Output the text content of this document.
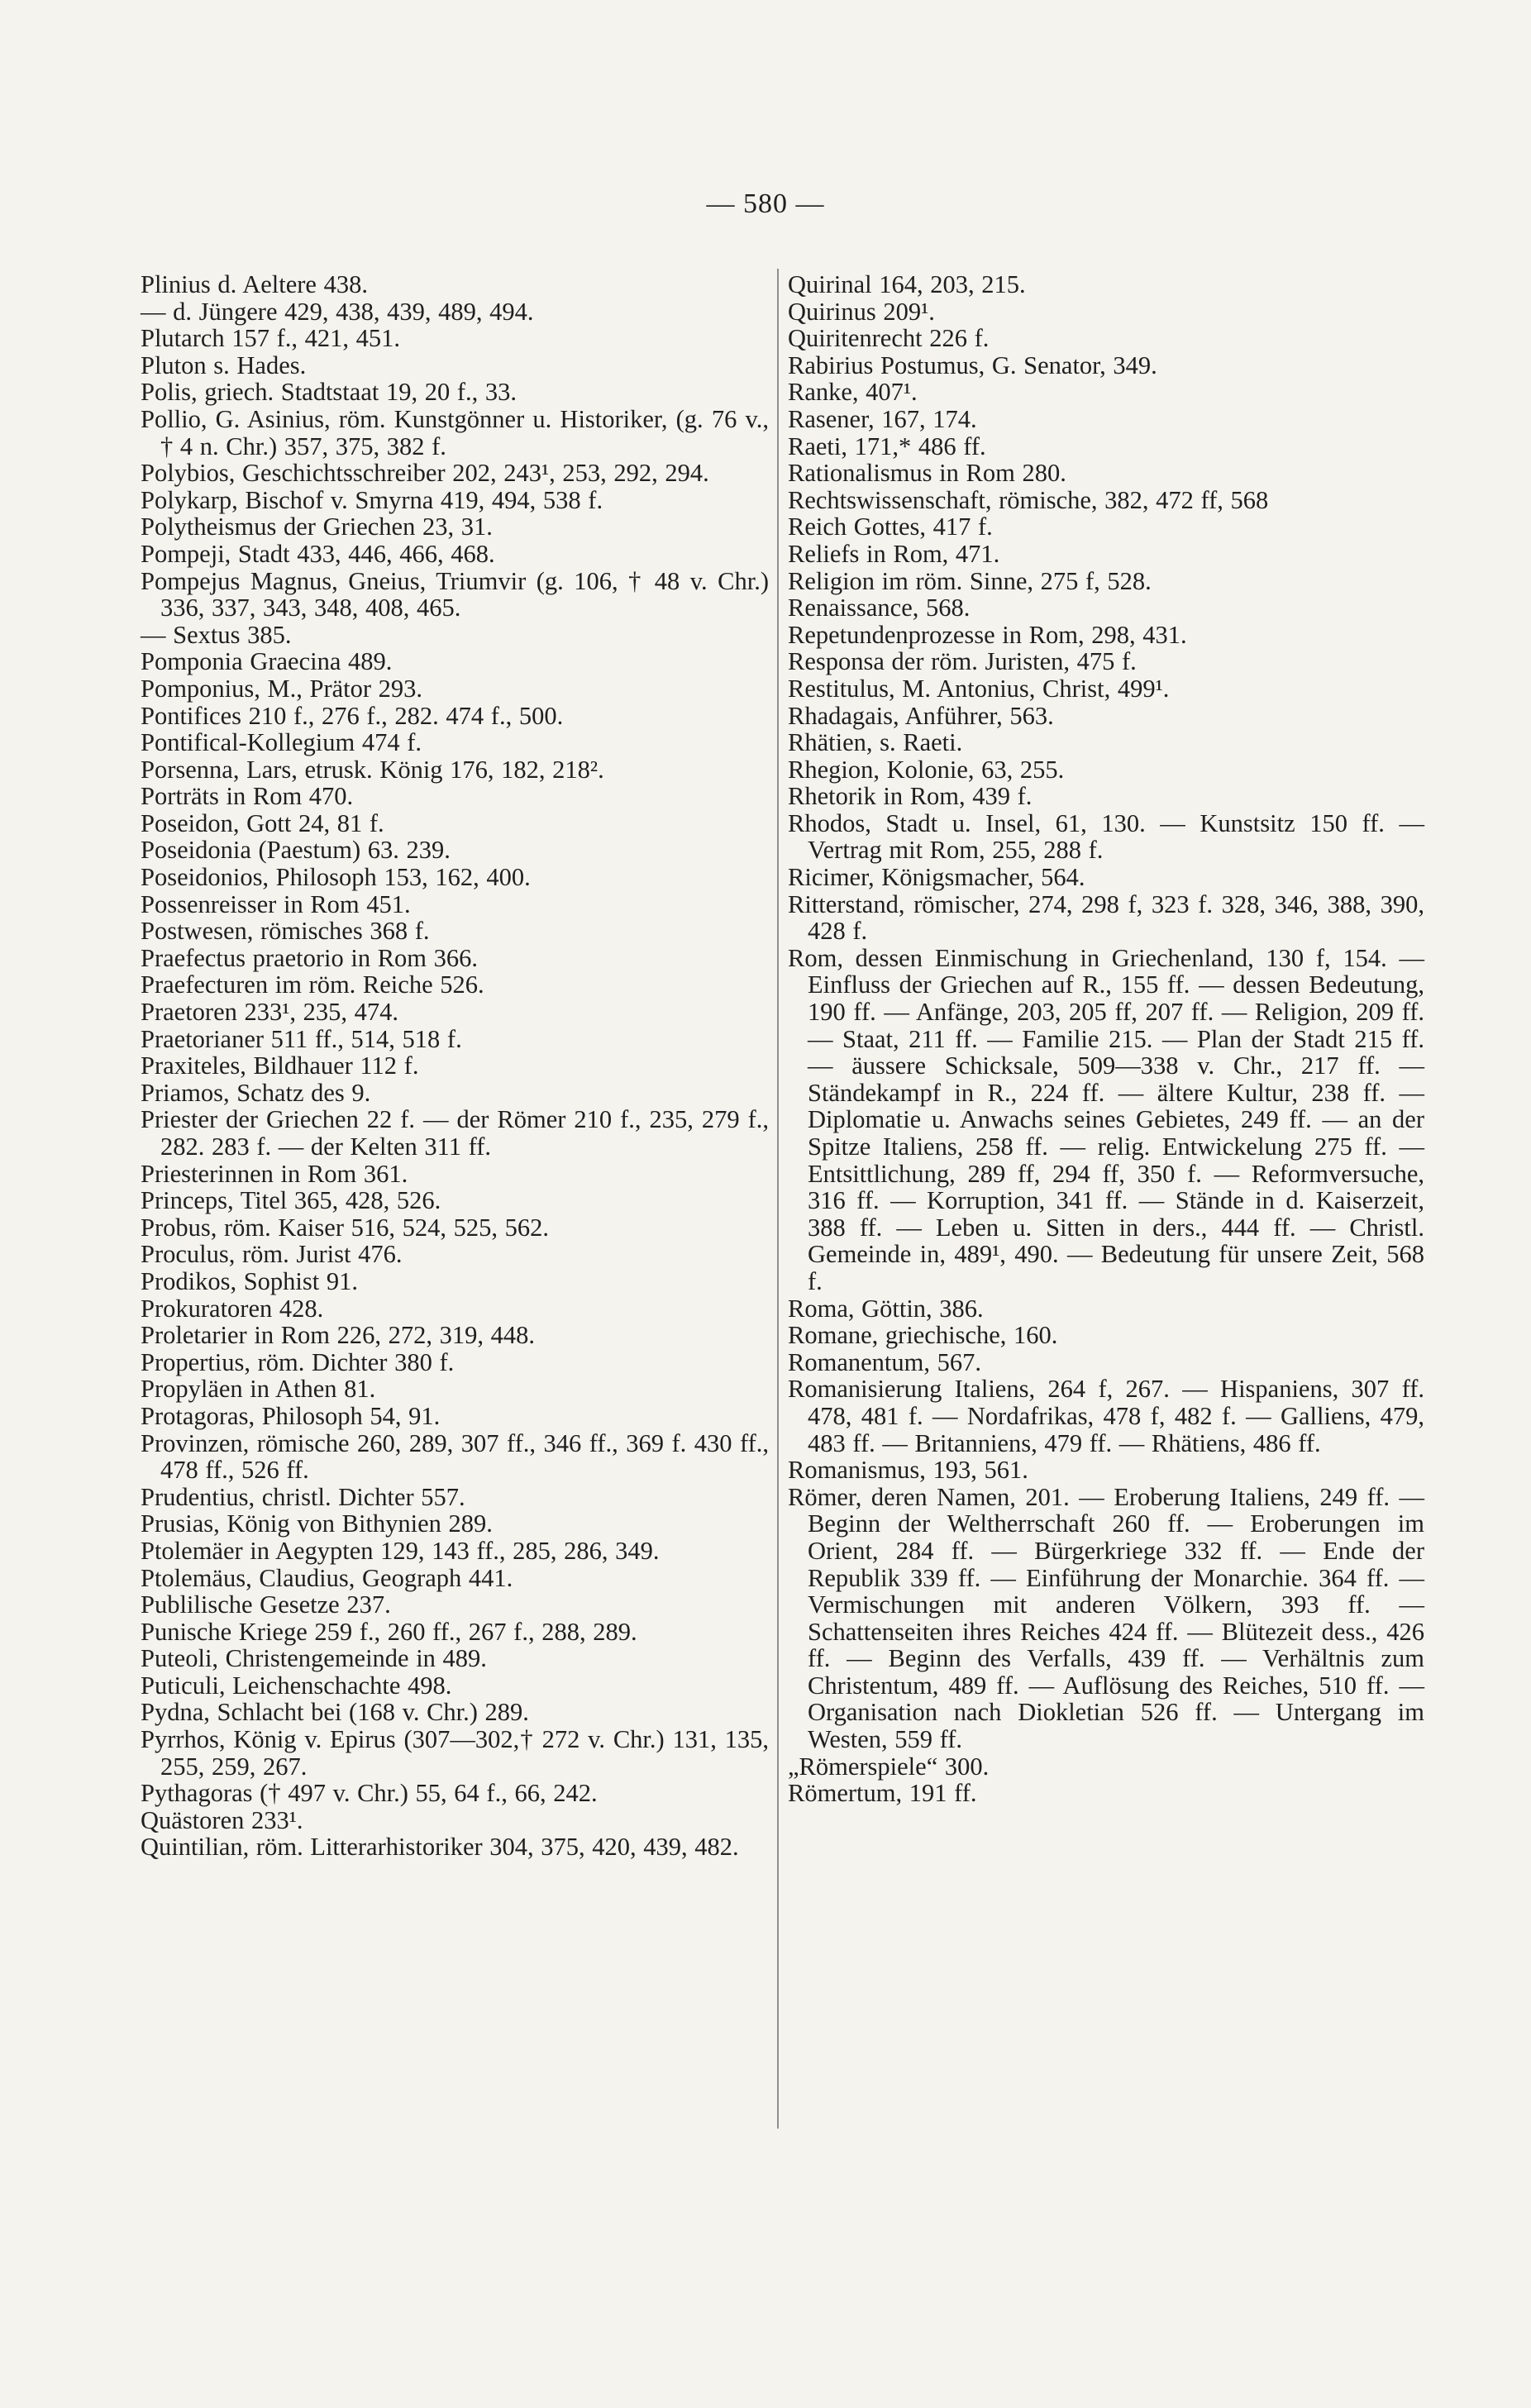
— 580 —
Plinius d. Aeltere 438.
— d. Jüngere 429, 438, 439, 489, 494.
Plutarch 157 f., 421, 451.
Pluton s. Hades.
Polis, griech. Stadtstaat 19, 20 f., 33.
Pollio, G. Asinius, röm. Kunstgönner u. Historiker, (g. 76 v., † 4 n. Chr.) 357, 375, 382 f.
Polybios, Geschichtsschreiber 202, 243¹, 253, 292, 294.
Polykarp, Bischof v. Smyrna 419, 494, 538 f.
Polytheismus der Griechen 23, 31.
Pompeji, Stadt 433, 446, 466, 468.
Pompejus Magnus, Gneius, Triumvir (g. 106, † 48 v. Chr.) 336, 337, 343, 348, 408, 465.
— Sextus 385.
Pomponia Graecina 489.
Pomponius, M., Prätor 293.
Pontifices 210 f., 276 f., 282. 474 f., 500.
Pontifical-Kollegium 474 f.
Porsenna, Lars, etrusk. König 176, 182, 218².
Porträts in Rom 470.
Poseidon, Gott 24, 81 f.
Poseidonia (Paestum) 63. 239.
Poseidonios, Philosoph 153, 162, 400.
Possenreisser in Rom 451.
Postwesen, römisches 368 f.
Praefectus praetorio in Rom 366.
Praefecturen im röm. Reiche 526.
Praetoren 233¹, 235, 474.
Praetorianer 511 ff., 514, 518 f.
Praxiteles, Bildhauer 112 f.
Priamos, Schatz des 9.
Priester der Griechen 22 f. — der Römer 210 f., 235, 279 f., 282. 283 f. — der Kelten 311 ff.
Priesterinnen in Rom 361.
Princeps, Titel 365, 428, 526.
Probus, röm. Kaiser 516, 524, 525, 562.
Proculus, röm. Jurist 476.
Prodikos, Sophist 91.
Prokuratoren 428.
Proletarier in Rom 226, 272, 319, 448.
Propertius, röm. Dichter 380 f.
Propyläen in Athen 81.
Protagoras, Philosoph 54, 91.
Provinzen, römische 260, 289, 307 ff., 346 ff., 369 f. 430 ff., 478 ff., 526 ff.
Prudentius, christl. Dichter 557.
Prusias, König von Bithynien 289.
Ptolemäer in Aegypten 129, 143 ff., 285, 286, 349.
Ptolemäus, Claudius, Geograph 441.
Publilische Gesetze 237.
Punische Kriege 259 f., 260 ff., 267 f., 288, 289.
Puteoli, Christengemeinde in 489.
Puticuli, Leichenschachte 498.
Pydna, Schlacht bei (168 v. Chr.) 289.
Pyrrhos, König v. Epirus (307—302,† 272 v. Chr.) 131, 135, 255, 259, 267.
Pythagoras († 497 v. Chr.) 55, 64 f., 66, 242.
Quästoren 233¹.
Quintilian, röm. Litterarhistoriker 304, 375, 420, 439, 482.
Quirinal 164, 203, 215.
Quirinus 209¹.
Quiritenrecht 226 f.
Rabirius Postumus, G. Senator, 349.
Ranke, 407¹.
Rasener, 167, 174.
Raeti, 171,* 486 ff.
Rationalismus in Rom 280.
Rechtswissenschaft, römische, 382, 472 ff, 568
Reich Gottes, 417 f.
Reliefs in Rom, 471.
Religion im röm. Sinne, 275 f, 528.
Renaissance, 568.
Repetundenprozesse in Rom, 298, 431.
Responsa der röm. Juristen, 475 f.
Restitulus, M. Antonius, Christ, 499¹.
Rhadagais, Anführer, 563.
Rhätien, s. Raeti.
Rhegion, Kolonie, 63, 255.
Rhetorik in Rom, 439 f.
Rhodos, Stadt u. Insel, 61, 130. — Kunstsitz 150 ff. — Vertrag mit Rom, 255, 288 f.
Ricimer, Königsmacher, 564.
Ritterstand, römischer, 274, 298 f, 323 f. 328, 346, 388, 390, 428 f.
Rom, dessen Einmischung in Griechenland, 130 f, 154. — Einfluss der Griechen auf R., 155 ff. — dessen Bedeutung, 190 ff. — Anfänge, 203, 205 ff, 207 ff. — Religion, 209 ff. — Staat, 211 ff. — Familie 215. — Plan der Stadt 215 ff. — äussere Schicksale, 509—338 v. Chr., 217 ff. — Ständekampf in R., 224 ff. — ältere Kultur, 238 ff. — Diplomatie u. Anwachs seines Gebietes, 249 ff. — an der Spitze Italiens, 258 ff. — relig. Entwickelung 275 ff. — Entsittlichung, 289 ff, 294 ff, 350 f. — Reformversuche, 316 ff. — Korruption, 341 ff. — Stände in d. Kaiserzeit, 388 ff. — Leben u. Sitten in ders., 444 ff. — Christl. Gemeinde in, 489¹, 490. — Bedeutung für unsere Zeit, 568 f.
Roma, Göttin, 386.
Romane, griechische, 160.
Romanentum, 567.
Romanisierung Italiens, 264 f, 267. — Hispaniens, 307 ff. 478, 481 f. — Nordafrikas, 478 f, 482 f. — Galliens, 479, 483 ff. — Britanniens, 479 ff. — Rhätiens, 486 ff.
Romanismus, 193, 561.
Römer, deren Namen, 201. — Eroberung Italiens, 249 ff. — Beginn der Weltherrschaft 260 ff. — Eroberungen im Orient, 284 ff. — Bürgerkriege 332 ff. — Ende der Republik 339 ff. — Einführung der Monarchie. 364 ff. — Vermischungen mit anderen Völkern, 393 ff. — Schattenseiten ihres Reiches 424 ff. — Blütezeit dess., 426 ff. — Beginn des Verfalls, 439 ff. — Verhältnis zum Christentum, 489 ff. — Auflösung des Reiches, 510 ff. — Organisation nach Diokletian 526 ff. — Untergang im Westen, 559 ff.
„Römerspiele“ 300.
Römertum, 191 ff.
